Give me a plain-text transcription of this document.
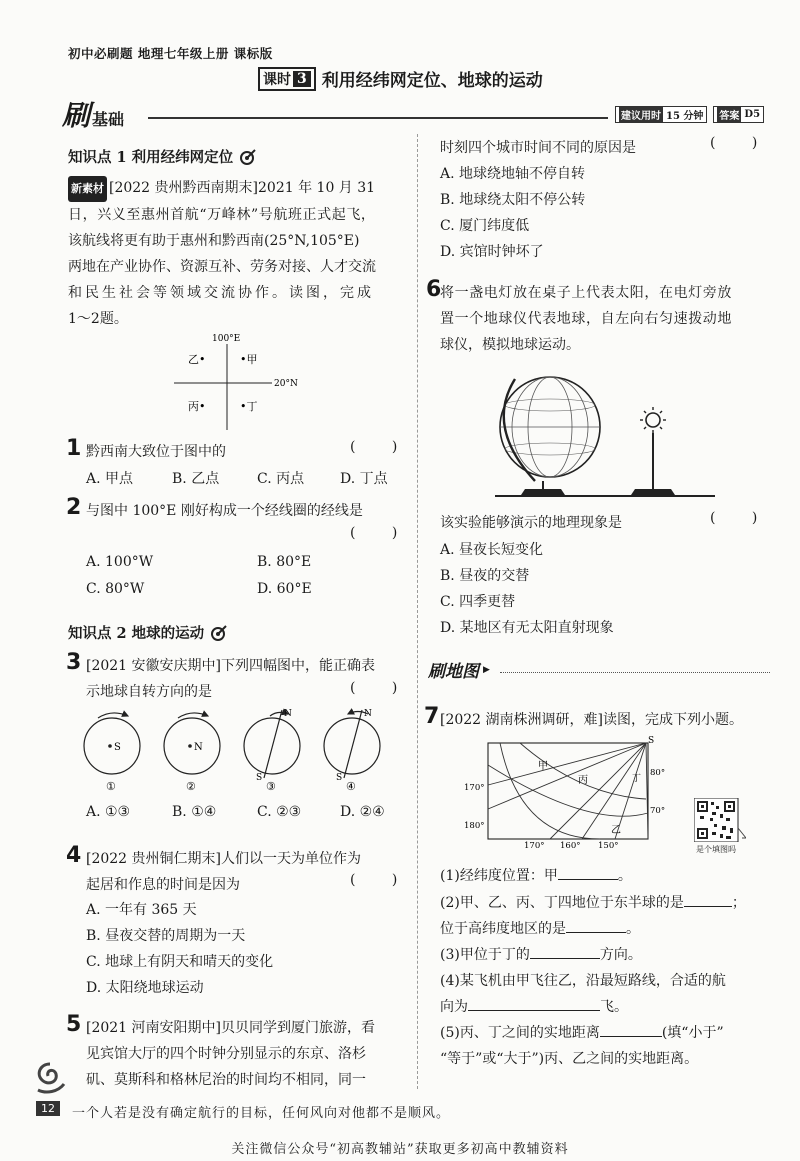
初中必刷题 地理七年级上册 课标版
课时 3 利用经纬网定位、地球的运动
刷 基础	建议用时 15 分钟 答案 D5
知识点 1 利用经纬网定位
新素材 [2022 贵州黔西南期末]2021 年 10 月 31
日，兴义至惠州首航“万峰林”号航班正式起飞，
该航线将更有助于惠州和黔西南(25°N,105°E)
两地在产业协作、资源互补、劳务对接、人才交流
和民生社会等领域交流协作。读图，完成
1～2题。
100°E
20°N
乙•	•甲
丙•	•丁
1 黔西南大致位于图中的	( )
A. 甲点	B. 乙点	C. 丙点	D. 丁点
2 与图中 100°E 刚好构成一个经线圈的经线是
( )
A. 100°W	B. 80°E
C. 80°W	D. 60°E
知识点 2 地球的运动
3 [2021 安徽安庆期中]下列四幅图中，能正确表
示地球自转方向的是	( )
S
①
N
②
N
S
③
N
S
④
A. ①③	B. ①④	C. ②③	D. ②④
4 [2022 贵州铜仁期末]人们以一天为单位作为
起居和作息的时间是因为	( )
A. 一年有 365 天
B. 昼夜交替的周期为一天
C. 地球上有阴天和晴天的变化
D. 太阳绕地球运动
5 [2021 河南安阳期中]贝贝同学到厦门旅游，看
见宾馆大厅的四个时钟分别显示的东京、洛杉
矶、莫斯科和格林尼治的时间均不相同，同一
时刻四个城市时间不同的原因是	( )
A. 地球绕地轴不停自转
B. 地球绕太阳不停公转
C. 厦门纬度低
D. 宾馆时钟坏了
6
将一盏电灯放在桌子上代表太阳，在电灯旁放
置一个地球仪代表地球，自左向右匀速拨动地
球仪，模拟地球运动。
该实验能够演示的地理现象是	( )
A. 昼夜长短变化
B. 昼夜的交替
C. 四季更替
D. 某地区有无太阳直射现象
刷地图 ▶
7 [2022 湖南株洲调研，难]读图，完成下列小题。
S
甲
丙	丁
乙
170°
180°
80°
70°
170° 160° 150°	是个填图吗
(1)经纬度位置：甲	。
(2)甲、乙、丙、丁四地位于东半球的是	；
位于高纬度地区的是	。
(3)甲位于丁的	方向。
(4)某飞机由甲飞往乙，沿最短路线，合适的航
向为	飞。
(5)丙、丁之间的实地距离	(填“小于”
“等于”或“大于”)丙、乙之间的实地距离。
12	一个人若是没有确定航行的目标，任何风向对他都不是顺风。
关注微信公众号“初高教辅站”获取更多初高中教辅资料
